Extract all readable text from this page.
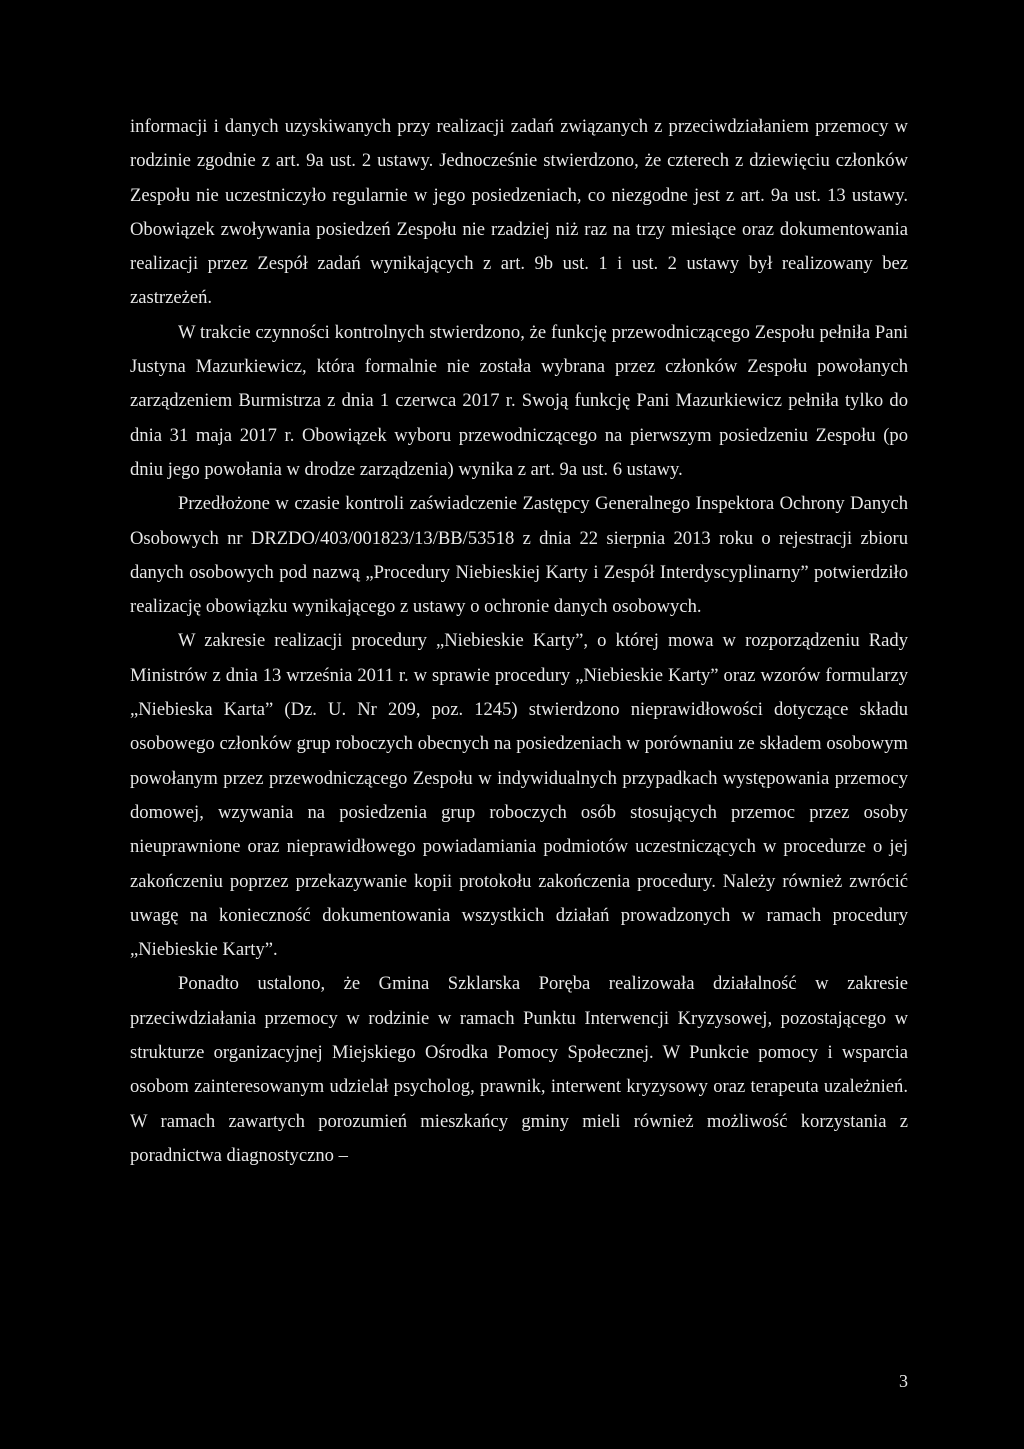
informacji i danych uzyskiwanych przy realizacji zadań związanych z przeciwdziałaniem przemocy w rodzinie zgodnie z art. 9a ust. 2 ustawy. Jednocześnie stwierdzono, że czterech z dziewięciu członków Zespołu nie uczestniczyło regularnie w jego posiedzeniach, co niezgodne jest z art. 9a ust. 13 ustawy. Obowiązek zwoływania posiedzeń Zespołu nie rzadziej niż raz na trzy miesiące oraz dokumentowania realizacji przez Zespół zadań wynikających z art. 9b ust. 1 i ust. 2 ustawy był realizowany bez zastrzeżeń.

W trakcie czynności kontrolnych stwierdzono, że funkcję przewodniczącego Zespołu pełniła Pani Justyna Mazurkiewicz, która formalnie nie została wybrana przez członków Zespołu powołanych zarządzeniem Burmistrza z dnia 1 czerwca 2017 r. Swoją funkcję Pani Mazurkiewicz pełniła tylko do dnia 31 maja 2017 r. Obowiązek wyboru przewodniczącego na pierwszym posiedzeniu Zespołu (po dniu jego powołania w drodze zarządzenia) wynika z art. 9a ust. 6 ustawy.

Przedłożone w czasie kontroli zaświadczenie Zastępcy Generalnego Inspektora Ochrony Danych Osobowych nr DRZDO/403/001823/13/BB/53518 z dnia 22 sierpnia 2013 roku o rejestracji zbioru danych osobowych pod nazwą „Procedury Niebieskiej Karty i Zespół Interdyscyplinarny” potwierdziło realizację obowiązku wynikającego z ustawy o ochronie danych osobowych.

W zakresie realizacji procedury „Niebieskie Karty”, o której mowa w rozporządzeniu Rady Ministrów z dnia 13 września 2011 r. w sprawie procedury „Niebieskie Karty” oraz wzorów formularzy „Niebieska Karta” (Dz. U. Nr 209, poz. 1245) stwierdzono nieprawidłowości dotyczące składu osobowego członków grup roboczych obecnych na posiedzeniach w porównaniu ze składem osobowym powołanym przez przewodniczącego Zespołu w indywidualnych przypadkach występowania przemocy domowej, wzywania na posiedzenia grup roboczych osób stosujących przemoc przez osoby nieuprawnione oraz nieprawidłowego powiadamiania podmiotów uczestniczących w procedurze o jej zakończeniu poprzez przekazywanie kopii protokołu zakończenia procedury. Należy również zwrócić uwagę na konieczność dokumentowania wszystkich działań prowadzonych w ramach procedury „Niebieskie Karty”.

Ponadto ustalono, że Gmina Szklarska Poręba realizowała działalność w zakresie przeciwdziałania przemocy w rodzinie w ramach Punktu Interwencji Kryzysowej, pozostającego w strukturze organizacyjnej Miejskiego Ośrodka Pomocy Społecznej. W Punkcie pomocy i wsparcia osobom zainteresowanym udzielał psycholog, prawnik, interwent kryzysowy oraz terapeuta uzależnień. W ramach zawartych porozumień mieszkańcy gminy mieli również możliwość korzystania z poradnictwa diagnostyczno –

3
